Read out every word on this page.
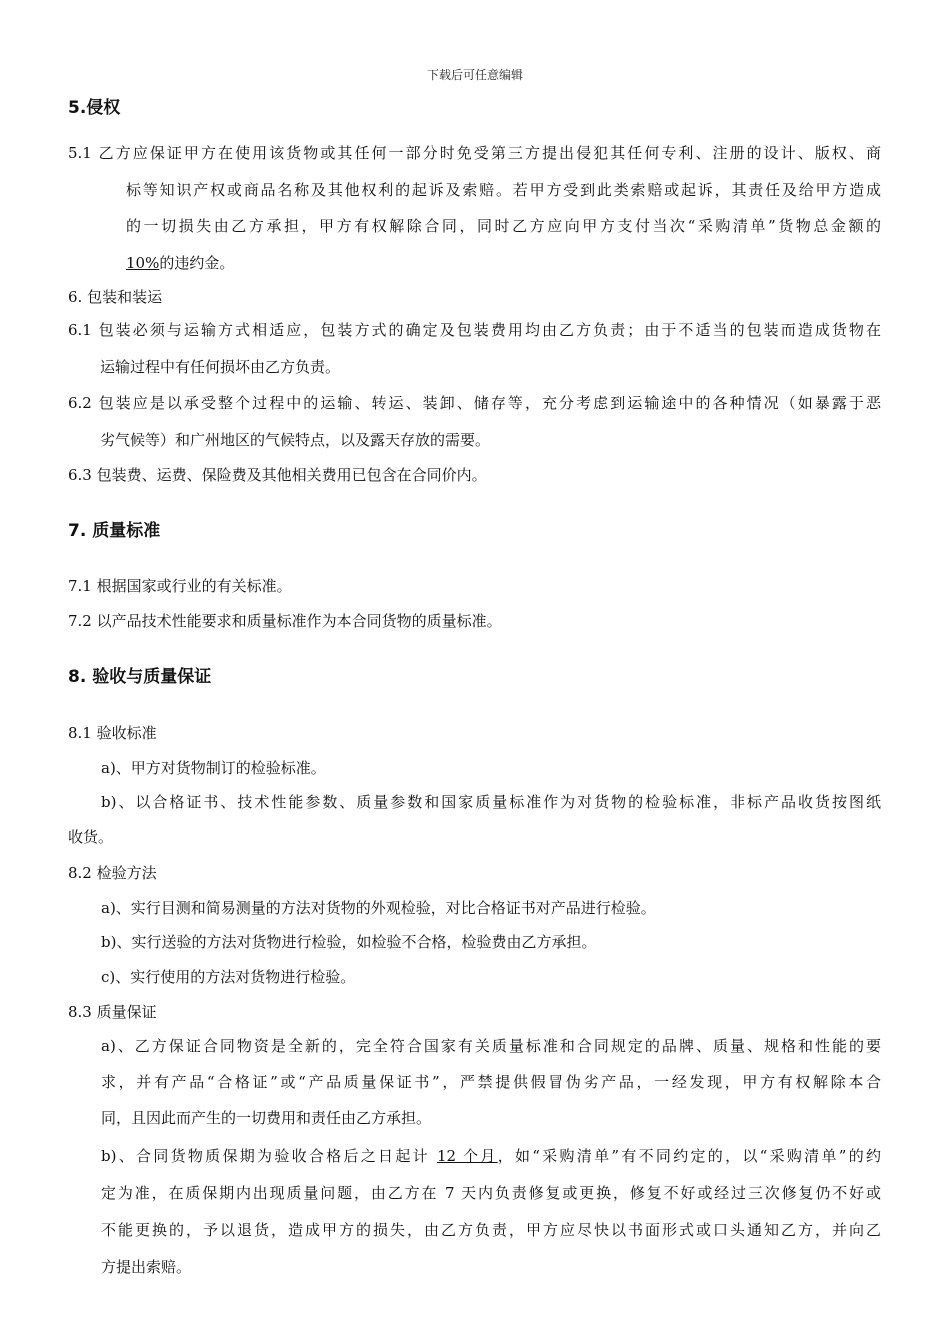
下载后可任意编辑
5.侵权
5.1 乙方应保证甲方在使用该货物或其任何一部分时免受第三方提出侵犯其任何专利、注册的设计、版权、商
标等知识产权或商品名称及其他权利的起诉及索赔。若甲方受到此类索赔或起诉，其责任及给甲方造成
的一切损失由乙方承担，甲方有权解除合同，同时乙方应向甲方支付当次“采购清单”货物总金额的
10%的违约金。
6. 包装和装运
6.1 包装必须与运输方式相适应，包装方式的确定及包装费用均由乙方负责；由于不适当的包装而造成货物在
运输过程中有任何损坏由乙方负责。
6.2 包装应是以承受整个过程中的运输、转运、装卸、储存等，充分考虑到运输途中的各种情况（如暴露于恶
劣气候等）和广州地区的气候特点，以及露天存放的需要。
6.3 包装费、运费、保险费及其他相关费用已包含在合同价内。
7. 质量标准
7.1 根据国家或行业的有关标准。
7.2 以产品技术性能要求和质量标准作为本合同货物的质量标准。
8. 验收与质量保证
8.1 验收标准
a)、甲方对货物制订的检验标准。
b)、以合格证书、技术性能参数、质量参数和国家质量标准作为对货物的检验标准，非标产品收货按图纸
收货。
8.2 检验方法
a)、实行目测和简易测量的方法对货物的外观检验，对比合格证书对产品进行检验。
b)、实行送验的方法对货物进行检验，如检验不合格，检验费由乙方承担。
c)、实行使用的方法对货物进行检验。
8.3 质量保证
a)、乙方保证合同物资是全新的，完全符合国家有关质量标准和合同规定的品牌、质量、规格和性能的要
求，并有产品“合格证”或“产品质量保证书”，严禁提供假冒伪劣产品，一经发现，甲方有权解除本合
同，且因此而产生的一切费用和责任由乙方承担。
b)、合同货物质保期为验收合格后之日起计 12 个月，如“采购清单”有不同约定的，以“采购清单”的约
定为准，在质保期内出现质量问题，由乙方在 7 天内负责修复或更换，修复不好或经过三次修复仍不好或
不能更换的，予以退货，造成甲方的损失，由乙方负责，甲方应尽快以书面形式或口头通知乙方，并向乙
方提出索赔。
